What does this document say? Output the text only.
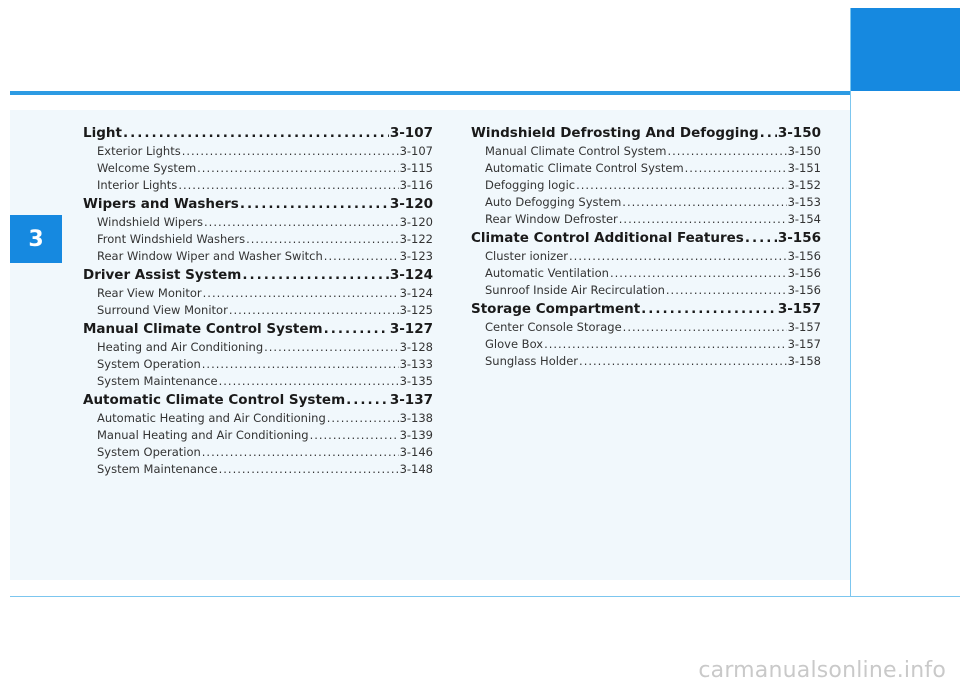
3
Light .....	3-107
Exterior Lights .....	3-107
Welcome System .....	3-115
Interior Lights .....	3-116
Wipers and Washers .....	3-120
Windshield Wipers .....	3-120
Front Windshield Washers .....	3-122
Rear Window Wiper and Washer Switch .....	3-123
Driver Assist System .....	3-124
Rear View Monitor .....	3-124
Surround View Monitor .....	3-125
Manual Climate Control System .....	3-127
Heating and Air Conditioning .....	3-128
System Operation .....	3-133
System Maintenance .....	3-135
Automatic Climate Control System .....	3-137
Automatic Heating and Air Conditioning .....	3-138
Manual Heating and Air Conditioning .....	3-139
System Operation .....	3-146
System Maintenance .....	3-148
Windshield Defrosting And Defogging ..... 3-150
Manual Climate Control System .....	3-150
Automatic Climate Control System .....	3-151
Defogging logic .....	3-152
Auto Defogging System .....	3-153
Rear Window Defroster .....	3-154
Climate Control Additional Features .....	3-156
Cluster ionizer .....	3-156
Automatic Ventilation .....	3-156
Sunroof Inside Air Recirculation .....	3-156
Storage Compartment .....	3-157
Center Console Storage .....	3-157
Glove Box .....	3-157
Sunglass Holder .....	3-158
carmanualsonline.info
